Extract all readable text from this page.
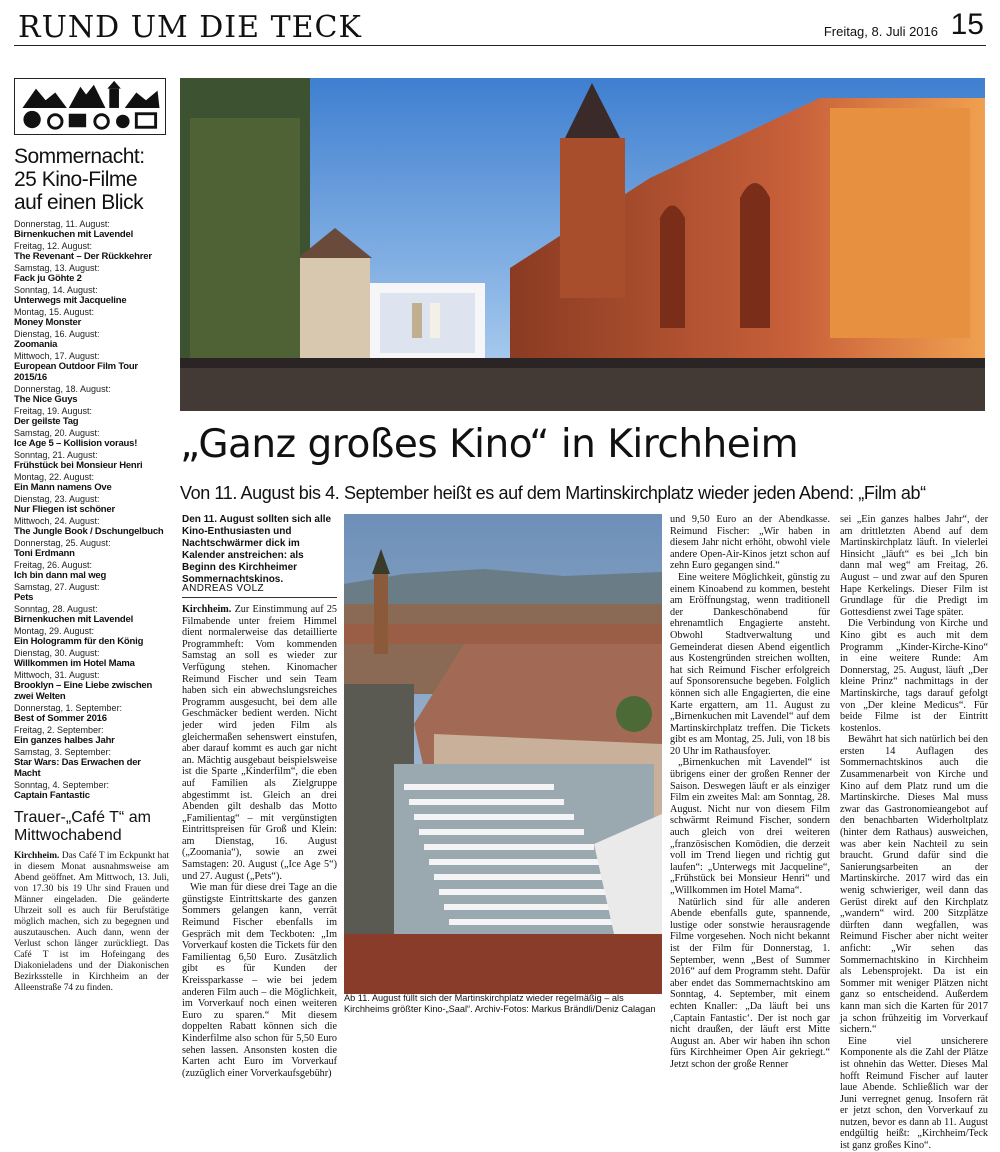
RUND UM DIE TECK	Freitag, 8. Juli 2016 15
Sommernacht: 25 Kino-Filme auf einen Blick
Donnerstag, 11. August:
Birnenkuchen mit Lavendel
Freitag, 12. August:
The Revenant – Der Rückkehrer
Samstag, 13. August:
Fack ju Göhte 2
Sonntag, 14. August:
Unterwegs mit Jacqueline
Montag, 15. August:
Money Monster
Dienstag, 16. August:
Zoomania
Mittwoch, 17. August:
European Outdoor Film Tour 2015/16
Donnerstag, 18. August:
The Nice Guys
Freitag, 19. August:
Der geilste Tag
Samstag, 20. August:
Ice Age 5 – Kollision voraus!
Sonntag, 21. August:
Frühstück bei Monsieur Henri
Montag, 22. August:
Ein Mann namens Ove
Dienstag, 23. August:
Nur Fliegen ist schöner
Mittwoch, 24. August:
The Jungle Book / Dschungelbuch
Donnerstag, 25. August:
Toni Erdmann
Freitag, 26. August:
Ich bin dann mal weg
Samstag, 27. August:
Pets
Sonntag, 28. August:
Birnenkuchen mit Lavendel
Montag, 29. August:
Ein Hologramm für den König
Dienstag, 30. August:
Willkommen im Hotel Mama
Mittwoch, 31. August:
Brooklyn – Eine Liebe zwischen zwei Welten
Donnerstag, 1. September:
Best of Sommer 2016
Freitag, 2. September:
Ein ganzes halbes Jahr
Samstag, 3. September:
Star Wars: Das Erwachen der Macht
Sonntag, 4. September:
Captain Fantastic
Trauer-„Café T“ am Mittwochabend
Kirchheim. Das Café T im Eckpunkt hat in diesem Monat ausnahmsweise am Abend geöffnet. Am Mittwoch, 13. Juli, von 17.30 bis 19 Uhr sind Frauen und Männer eingeladen. Die geänderte Uhrzeit soll es auch für Berufstätige möglich machen, sich zu begegnen und auszutauschen. Auch dann, wenn der Verlust schon länger zurückliegt. Das Café T ist im Hofeingang des Diakonieladens und der Diakonischen Bezirksstelle in Kirchheim an der Alleenstraße 74 zu finden.
„Ganz großes Kino“ in Kirchheim
Von 11. August bis 4. September heißt es auf dem Martinskirchplatz wieder jeden Abend: „Film ab“
Den 11. August sollten sich alle Kino-Enthusiasten und Nachtschwärmer dick im Kalender anstreichen: als Beginn des Kirchheimer Sommernachtskinos.
ANDREAS VOLZ

Kirchheim. Zur Einstimmung auf 25 Filmabende unter freiem Himmel dient normalerweise das detaillierte Programmheft: Vom kommenden Samstag an soll es wieder zur Verfügung stehen. Kinomacher Reimund Fischer und sein Team haben sich ein abwechslungsreiches Programm ausgesucht, bei dem alle Geschmäcker bedient werden. Nicht jeder wird jeden Film als gleichermaßen sehenswert einstufen, aber darauf kommt es auch gar nicht an. Mächtig ausgebaut beispielsweise ist die Sparte „Kinderfilm“, die eben auf Familien als Zielgruppe abgestimmt ist. Gleich an drei Abenden gilt deshalb das Motto „Familientag“ – mit vergünstigten Eintrittspreisen für Groß und Klein: am Dienstag, 16. August („Zoomania“), sowie an zwei Samstagen: 20. August („Ice Age 5“) und 27. August („Pets“).

Wie man für diese drei Tage an die günstigste Eintrittskarte des ganzen Sommers gelangen kann, verrät Reimund Fischer ebenfalls im Gespräch mit dem Teckboten: „Im Vorverkauf kosten die Tickets für den Familientag 6,50 Euro. Zusätzlich gibt es für Kunden der Kreissparkasse – wie bei jedem anderen Film auch – die Möglichkeit, im Vorverkauf noch einen weiteren Euro zu sparen.“ Mit diesem doppelten Rabatt können sich die Kinderfilme also schon für 5,50 Euro sehen lassen. Ansonsten kosten die Karten acht Euro im Vorverkauf (zuzüglich einer Vorverkaufsgebühr)

Ab 11. August füllt sich der Martinskirchplatz wieder regelmäßig – als Kirchheims größter Kino-„Saal“. Archiv-Fotos: Markus Brändli/Deniz Calagan

und 9,50 Euro an der Abendkasse. Reimund Fischer: „Wir haben in diesem Jahr nicht erhöht, obwohl viele andere Open-Air-Kinos jetzt schon auf zehn Euro gegangen sind.“

Eine weitere Möglichkeit, günstig zu einem Kinoabend zu kommen, besteht am Eröffnungstag, wenn traditionell der Dankeschönabend für ehrenamtlich Engagierte ansteht. Obwohl Stadtverwaltung und Gemeinderat diesen Abend eigentlich aus Kostengründen streichen wollten, hat sich Reimund Fischer erfolgreich auf Sponsorensuche begeben. Folglich können sich alle Engagierten, die eine Karte ergattern, am 11. August zu „Birnenkuchen mit Lavendel“ auf dem Martinskirchplatz treffen. Die Tickets gibt es am Montag, 25. Juli, von 18 bis 20 Uhr im Rathausfoyer.

„Birnenkuchen mit Lavendel“ ist übrigens einer der großen Renner der Saison. Deswegen läuft er als einziger Film ein zweites Mal: am Sonntag, 28. August. Nicht nur von diesem Film schwärmt Reimund Fischer, sondern auch gleich von drei weiteren „französischen Komödien, die derzeit voll im Trend liegen und richtig gut laufen“: „Unterwegs mit Jacqueline“, „Frühstück bei Monsieur Henri“ und „Willkommen im Hotel Mama“.

Natürlich sind für alle anderen Abende ebenfalls gute, spannende, lustige oder sonstwie herausragende Filme vorgesehen. Noch nicht bekannt ist der Film für Donnerstag, 1. September, wenn „Best of Summer 2016“ auf dem Programm steht. Dafür aber endet das Sommernachtskino am Sonntag, 4. September, mit einem echten Knaller: „Da läuft bei uns ‚Captain Fantastic‘. Der ist noch gar nicht draußen, der läuft erst Mitte August an. Aber wir haben ihn schon fürs Kirchheimer Open Air gekriegt.“ Jetzt schon der große Renner

sei „Ein ganzes halbes Jahr“, der am drittletzten Abend auf dem Martinskirchplatz läuft. In vielerlei Hinsicht „läuft“ es bei „Ich bin dann mal weg“ am Freitag, 26. August – und zwar auf den Spuren Hape Kerkelings. Dieser Film ist Grundlage für die Predigt im Gottesdienst zwei Tage später.

Die Verbindung von Kirche und Kino gibt es auch mit dem Programm „Kinder-Kirche-Kino“ in eine weitere Runde: Am Donnerstag, 25. August, läuft „Der kleine Prinz“ nachmittags in der Martinskirche, tags darauf gefolgt von „Der kleine Medicus“. Für beide Filme ist der Eintritt kostenlos.

Bewährt hat sich natürlich bei den ersten 14 Auflagen des Sommernachtskinos auch die Zusammenarbeit von Kirche und Kino auf dem Platz rund um die Martinskirche. Dieses Mal muss zwar das Gastronomieangebot auf den benachbarten Widerholtplatz (hinter dem Rathaus) ausweichen, was aber kein Nachteil zu sein braucht. Grund dafür sind die Sanierungsarbeiten an der Martinskirche. 2017 wird das ein wenig schwieriger, weil dann das Gerüst direkt auf den Kirchplatz „wandern“ wird. 200 Sitzplätze dürften dann wegfallen, was Reimund Fischer aber nicht weiter anficht: „Wir sehen das Sommernachtskino in Kirchheim als Lebensprojekt. Da ist ein Sommer mit weniger Plätzen nicht ganz so entscheidend. Außerdem kann man sich die Karten für 2017 ja schon frühzeitig im Vorverkauf sichern.“

Eine viel unsicherere Komponente als die Zahl der Plätze ist ohnehin das Wetter. Dieses Mal hofft Reimund Fischer auf lauter laue Abende. Schließlich war der Juni verregnet genug. Insofern rät er jetzt schon, den Vorverkauf zu nutzen, bevor es dann ab 11. August endgültig heißt: „Kirchheim/Teck ist ganz großes Kino“.
